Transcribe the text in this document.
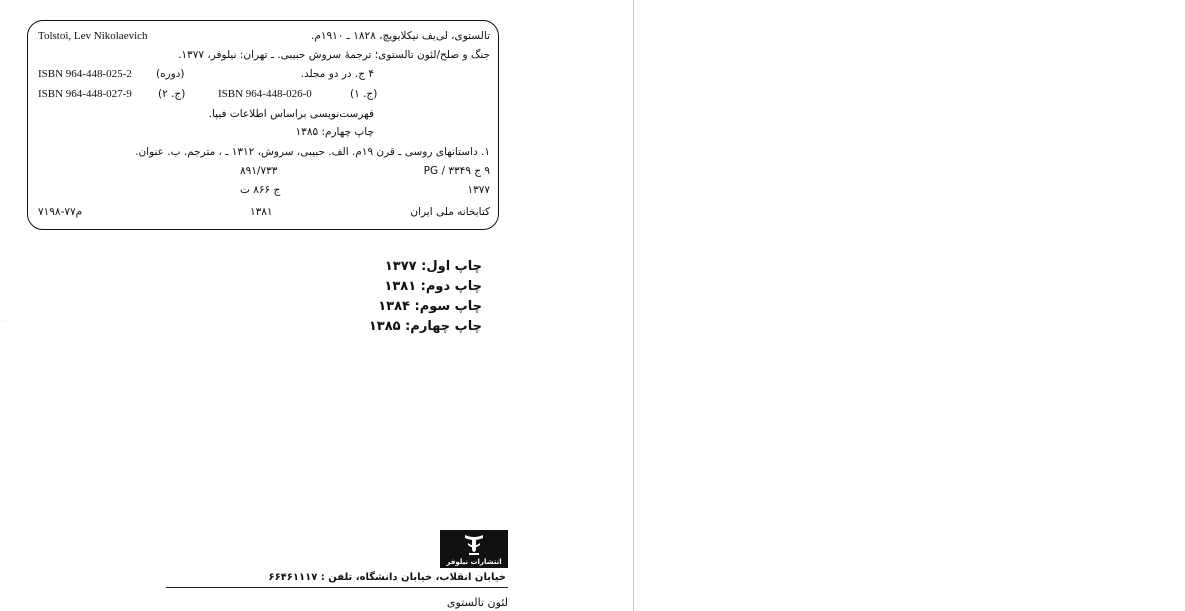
Tolstoi, Lev Nikolaevich	تالستوی، لی‌یف نیکلایویچ، ۱۸۲۸ ـ ۱۹۱۰م.
جنگ و صلح/لئون تالستوی؛ ترجمهٔ سروش حبیبی. ـ تهران: نیلوفر، ۱۳۷۷.
۴ ج. در دو مجلد.
ISBN 964-448-025-2 (دوره)
ISBN 964-448-026-0	(ج. ۱)
ISBN 964-448-027-9 (ج. ۲)
فهرست‌نویسی براساس اطلاعات فیپا.
چاپ چهارم: ۱۳۸۵
۱. داستانهای روسی ـ قرن ۱۹م. الف. حبیبی، سروش، ۱۳۱۲ ـ ، مترجم. ب. عنوان.
۹ ج ۳۳۴۹ / PG
۸۹۱/۷۳۳
۱۳۷۷
ج ۸۶۶ ت
کتابخانه ملی ایران
۱۳۸۱
م۷۷-۷۱۹۸
چاپ اول: ۱۳۷۷
چاپ دوم: ۱۳۸۱
چاپ سوم: ۱۳۸۴
چاپ چهارم: ۱۳۸۵
·
انتشارات نیلوفر
خیابان انقلاب، خیابان دانشگاه، تلفن : ۶۶۴۶۱۱۱۷
لئون تالستوی
